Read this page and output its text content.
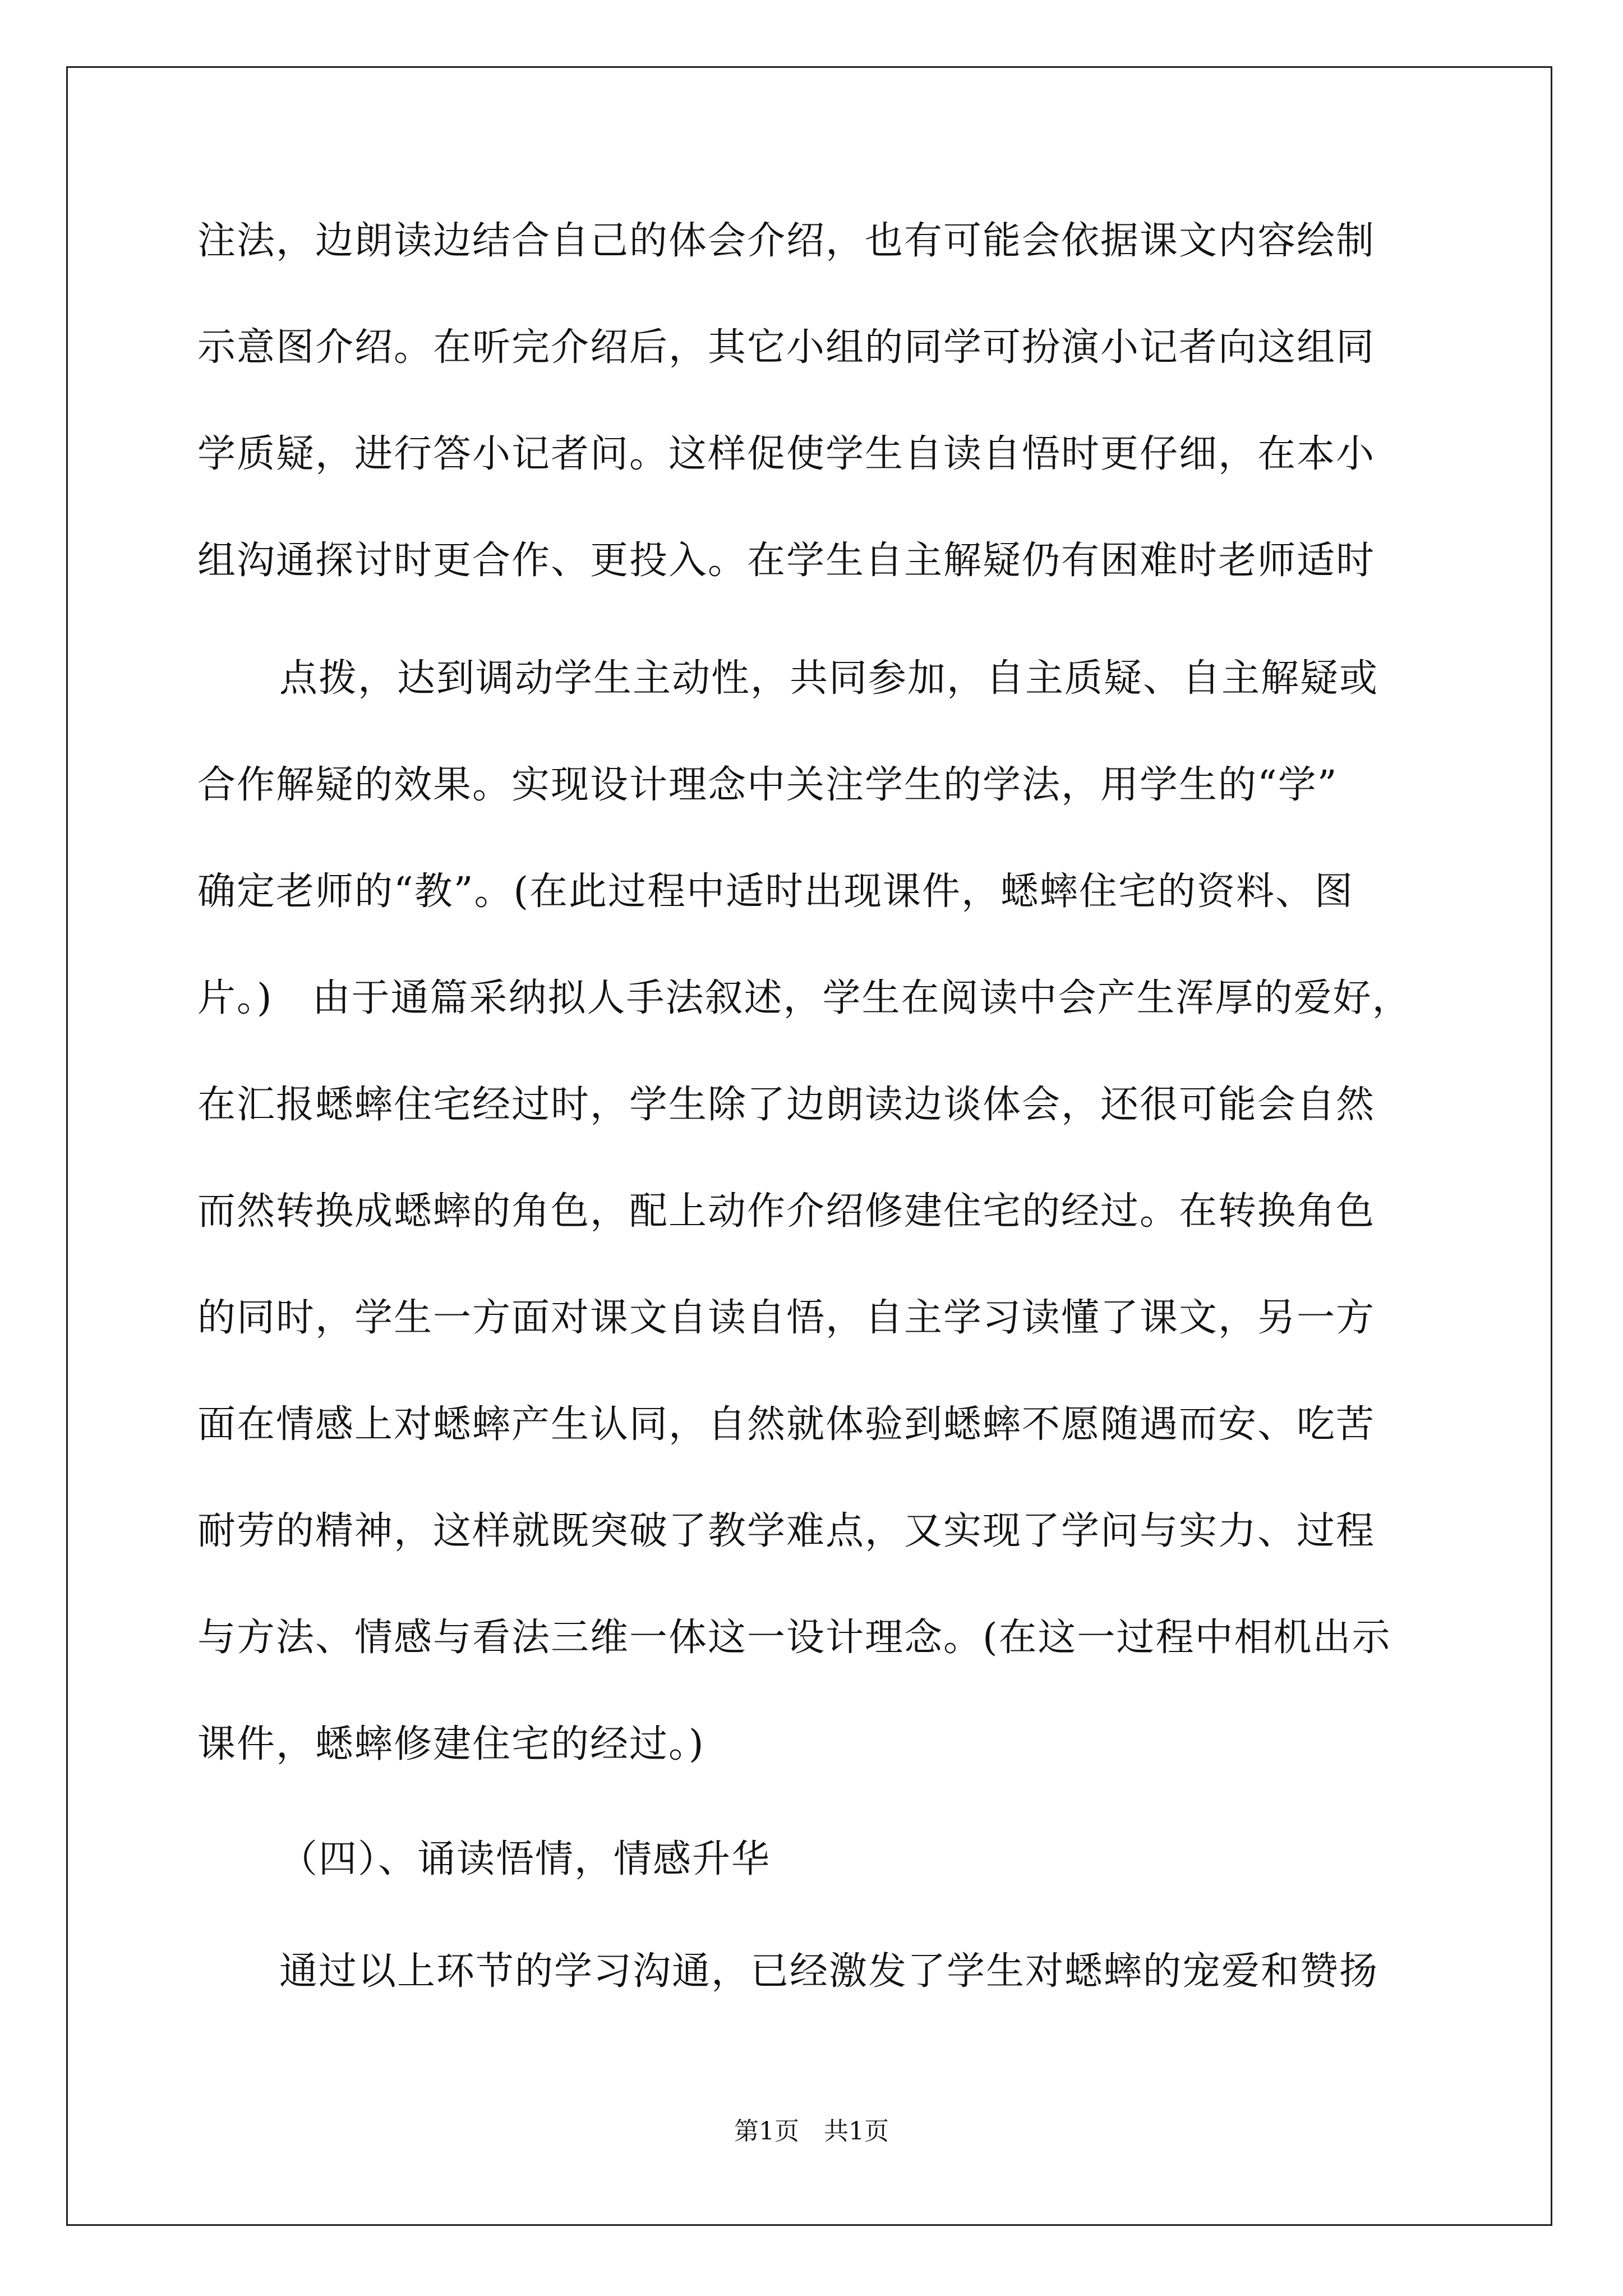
注法，边朗读边结合自己的体会介绍，也有可能会依据课文内容绘制
示意图介绍。在听完介绍后，其它小组的同学可扮演小记者向这组同
学质疑，进行答小记者问。这样促使学生自读自悟时更仔细，在本小
组沟通探讨时更合作、更投入。在学生自主解疑仍有困难时老师适时
点拨，达到调动学生主动性，共同参加，自主质疑、自主解疑或
合作解疑的效果。实现设计理念中关注学生的学法，用学生的“学”
确定老师的“教”。(在此过程中适时出现课件，蟋蟀住宅的资料、图
片。)　由于通篇采纳拟人手法叙述，学生在阅读中会产生浑厚的爱好，
在汇报蟋蟀住宅经过时，学生除了边朗读边谈体会，还很可能会自然
而然转换成蟋蟀的角色，配上动作介绍修建住宅的经过。在转换角色
的同时，学生一方面对课文自读自悟，自主学习读懂了课文，另一方
面在情感上对蟋蟀产生认同，自然就体验到蟋蟀不愿随遇而安、吃苦
耐劳的精神，这样就既突破了教学难点，又实现了学问与实力、过程
与方法、情感与看法三维一体这一设计理念。(在这一过程中相机出示
课件，蟋蟀修建住宅的经过。)
（四）、诵读悟情，情感升华
通过以上环节的学习沟通，已经激发了学生对蟋蟀的宠爱和赞扬
第1页　共1页
